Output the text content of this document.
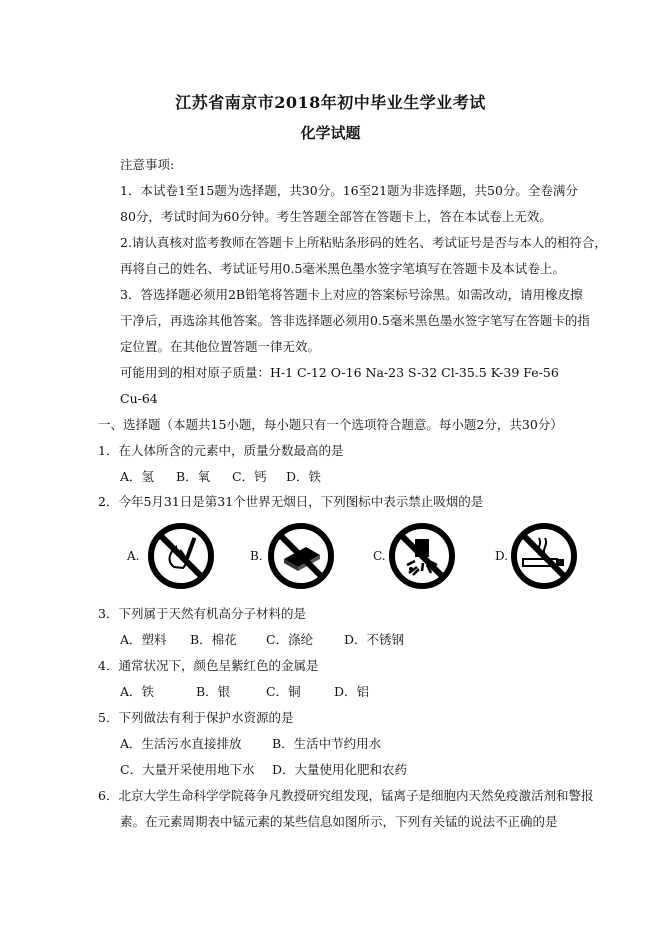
江苏省南京市2018年初中毕业生学业考试
化学试题
注意事项:
1．本试卷1至15题为选择题，共30分。16至21题为非选择题，共50分。全卷满分
80分，考试时间为60分钟。考生答题全部答在答题卡上，答在本试卷上无效。
2.请认真核对监考教师在答题卡上所粘贴条形码的姓名、考试证号是否与本人的相符合，
再将自己的姓名、考试证号用0.5毫米黑色墨水签字笔填写在答题卡及本试卷上。
3．答选择题必须用2B铅笔将答题卡上对应的答案标号涂黑。如需改动，请用橡皮擦
干净后，再选涂其他答案。答非选择题必须用0.5毫米黑色墨水签字笔写在答题卡的指
定位置。在其他位置答题一律无效。
可能用到的相对原子质量：H-1 C-12 O-16 Na-23 S-32 Cl-35.5 K-39 Fe-56
Cu-64
一、选择题（本题共15小题，每小题只有一个选项符合题意。每小题2分，共30分）
1．在人体所含的元素中，质量分数最高的是
A．氢 B．氧 C．钙 D．铁
2．今年5月31日是第31个世界无烟日，下列图标中表示禁止吸烟的是
A.	B.	C.	D.
3．下列属于天然有机高分子材料的是
A．塑料 B．棉花 C．涤纶 D．不锈钢
4．通常状况下，颜色呈紫红色的金属是
A．铁	B．银	C．铜	D．铝
5．下列做法有利于保护水资源的是
A．生活污水直接排放 B．生活中节约用水
C．大量开采使用地下水 D．大量使用化肥和农药
6．北京大学生命科学学院蒋争凡教授研究组发现，锰离子是细胞内天然免疫激活剂和警报
素。在元素周期表中锰元素的某些信息如图所示，下列有关锰的说法不正确的是
